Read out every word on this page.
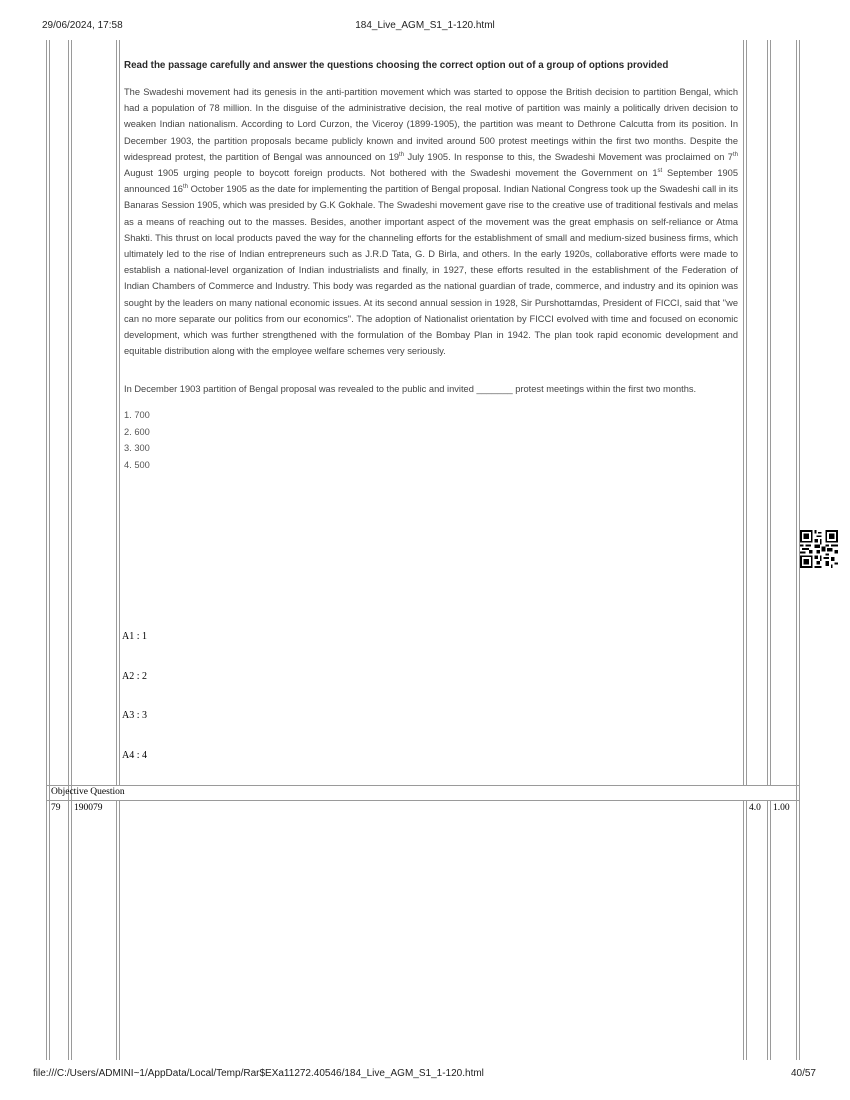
29/06/2024, 17:58	184_Live_AGM_S1_1-120.html

Read the passage carefully and answer the questions choosing the correct option out of a group of options provided

The Swadeshi movement had its genesis in the anti-partition movement which was started to oppose the British decision to partition Bengal, which had a population of 78 million. In the disguise of the administrative decision, the real motive of partition was mainly a politically driven decision to weaken Indian nationalism. According to Lord Curzon, the Viceroy (1899-1905), the partition was meant to Dethrone Calcutta from its position. In December 1903, the partition proposals became publicly known and invited around 500 protest meetings within the first two months. Despite the widespread protest, the partition of Bengal was announced on 19th July 1905. In response to this, the Swadeshi Movement was proclaimed on 7th August 1905 urging people to boycott foreign products. Not bothered with the Swadeshi movement the Government on 1st September 1905 announced 16th October 1905 as the date for implementing the partition of Bengal proposal. Indian National Congress took up the Swadeshi call in its Banaras Session 1905, which was presided by G.K Gokhale. The Swadeshi movement gave rise to the creative use of traditional festivals and melas as a means of reaching out to the masses. Besides, another important aspect of the movement was the great emphasis on self-reliance or Atma Shakti. This thrust on local products paved the way for the channeling efforts for the establishment of small and medium-sized business firms, which ultimately led to the rise of Indian entrepreneurs such as J.R.D Tata, G. D Birla, and others. In the early 1920s, collaborative efforts were made to establish a national-level organization of Indian industrialists and finally, in 1927, these efforts resulted in the establishment of the Federation of Indian Chambers of Commerce and Industry. This body was regarded as the national guardian of trade, commerce, and industry and its opinion was sought by the leaders on many national economic issues. At its second annual session in 1928, Sir Purshottamdas, President of FICCI, said that "we can no more separate our politics from our economics". The adoption of Nationalist orientation by FICCI evolved with time and focused on economic development, which was further strengthened with the formulation of the Bombay Plan in 1942. The plan took rapid economic development and equitable distribution along with the employee welfare schemes very seriously.

In December 1903 partition of Bengal proposal was revealed to the public and invited _______ protest meetings within the first two months.

1. 700
2. 600
3. 300
4. 500
A1 : 1
A2 : 2
A3 : 3
A4 : 4
Objective Question
79 190079	4.0 1.00
file:///C:/Users/ADMINI~1/AppData/Local/Temp/Rar$EXa11272.40546/184_Live_AGM_S1_1-120.html	40/57
